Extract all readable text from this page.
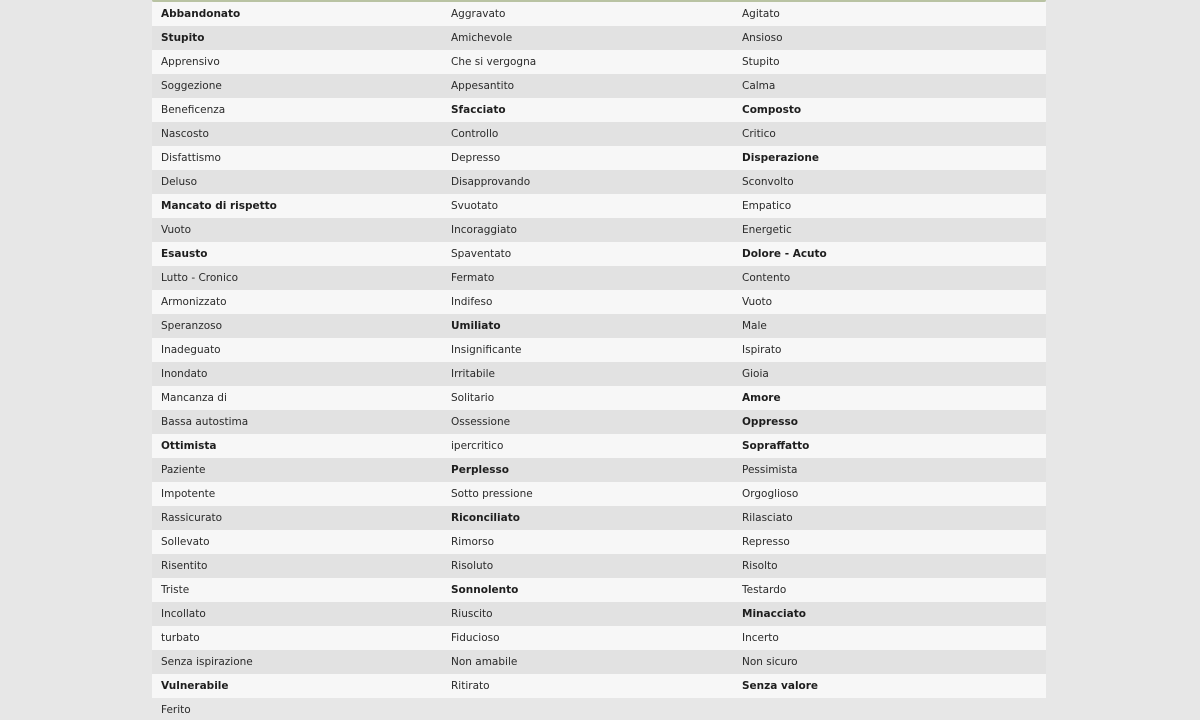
Abbandonato	Aggravato	Agitato
Stupito	Amichevole	Ansioso
Apprensivo	Che si vergogna	Stupito
Soggezione	Appesantito	Calma
Beneficenza	Sfacciato	Composto
Nascosto	Controllo	Critico
Disfattismo	Depresso	Disperazione
Deluso	Disapprovando	Sconvolto
Mancato di rispetto	Svuotato	Empatico
Vuoto	Incoraggiato	Energetic
Esausto	Spaventato	Dolore - Acuto
Lutto - Cronico	Fermato	Contento
Armonizzato	Indifeso	Vuoto
Speranzoso	Umiliato	Male
Inadeguato	Insignificante	Ispirato
Inondato	Irritabile	Gioia
Mancanza di	Solitario	Amore
Bassa autostima	Ossessione	Oppresso
Ottimista	ipercritico	Sopraffatto
Paziente	Perplesso	Pessimista
Impotente	Sotto pressione	Orgoglioso
Rassicurato	Riconciliato	Rilasciato
Sollevato	Rimorso	Represso
Risentito	Risoluto	Risolto
Triste	Sonnolento	Testardo
Incollato	Riuscito	Minacciato
turbato	Fiducioso	Incerto
Senza ispirazione	Non amabile	Non sicuro
Vulnerabile	Ritirato	Senza valore
Ferito		
